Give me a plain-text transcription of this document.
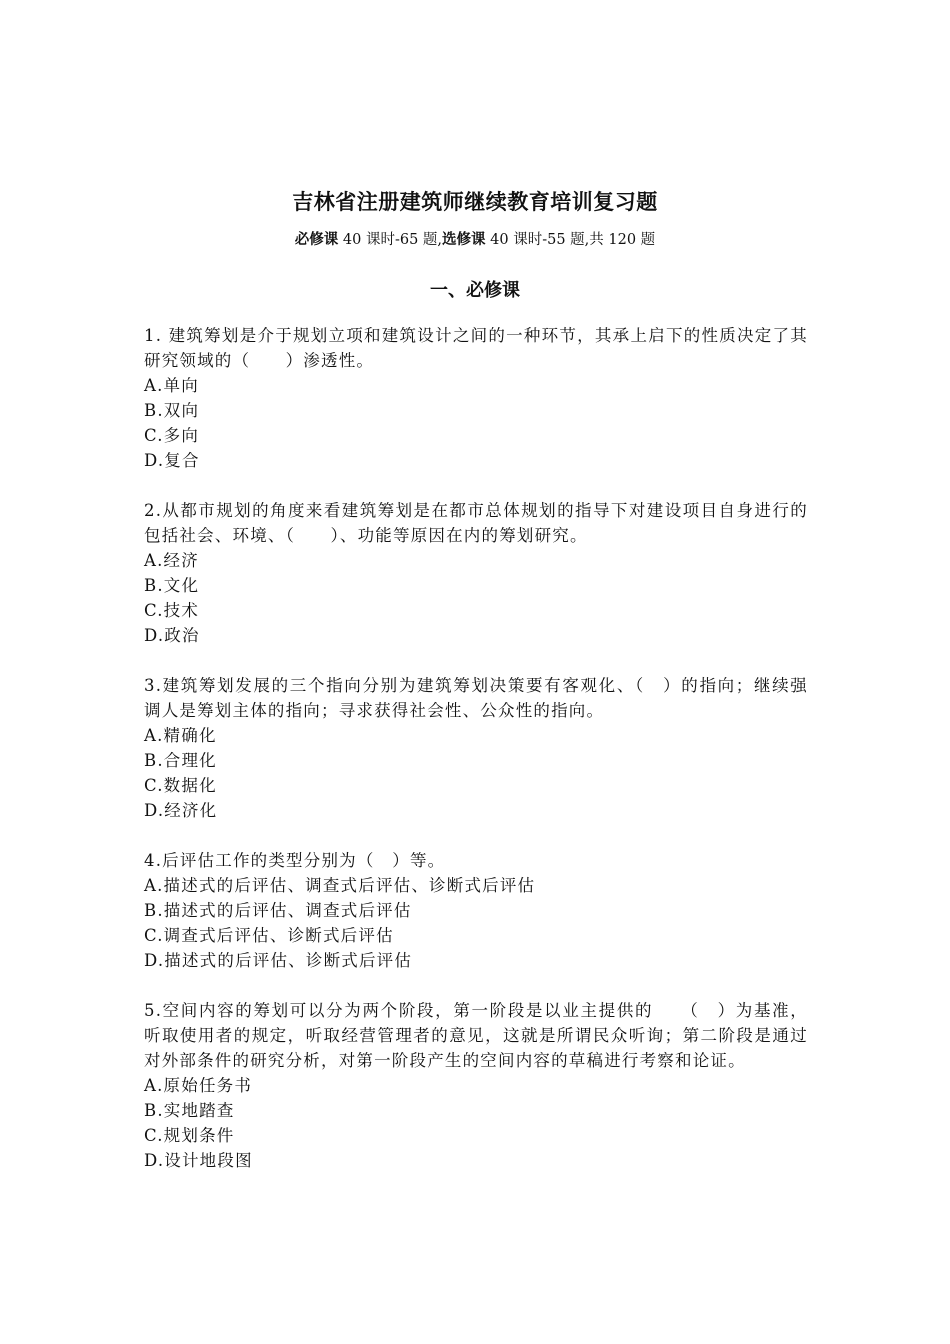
吉林省注册建筑师继续教育培训复习题
必修课 40 课时-65 题,选修课 40 课时-55 题,共 120 题
一、必修课
1. 建筑筹划是介于规划立项和建筑设计之间的一种环节，其承上启下的性质决定了其研究领域的（　　）渗透性。
A.单向
B.双向
C.多向
D.复合
2.从都市规划的角度来看建筑筹划是在都市总体规划的指导下对建设项目自身进行的包括社会、环境、（　　）、功能等原因在内的筹划研究。
A.经济
B.文化
C.技术
D.政治
3.建筑筹划发展的三个指向分别为建筑筹划决策要有客观化、（　）的指向；继续强调人是筹划主体的指向；寻求获得社会性、公众性的指向。
A.精确化
B.合理化
C.数据化
D.经济化
4.后评估工作的类型分别为（　）等。
A.描述式的后评估、调查式后评估、诊断式后评估
B.描述式的后评估、调查式后评估
C.调查式后评估、诊断式后评估
D.描述式的后评估、诊断式后评估
5.空间内容的筹划可以分为两个阶段，第一阶段是以业主提供的　　（　）为基准，听取使用者的规定，听取经营管理者的意见，这就是所谓民众听询；第二阶段是通过对外部条件的研究分析，对第一阶段产生的空间内容的草稿进行考察和论证。
A.原始任务书
B.实地踏查
C.规划条件
D.设计地段图
